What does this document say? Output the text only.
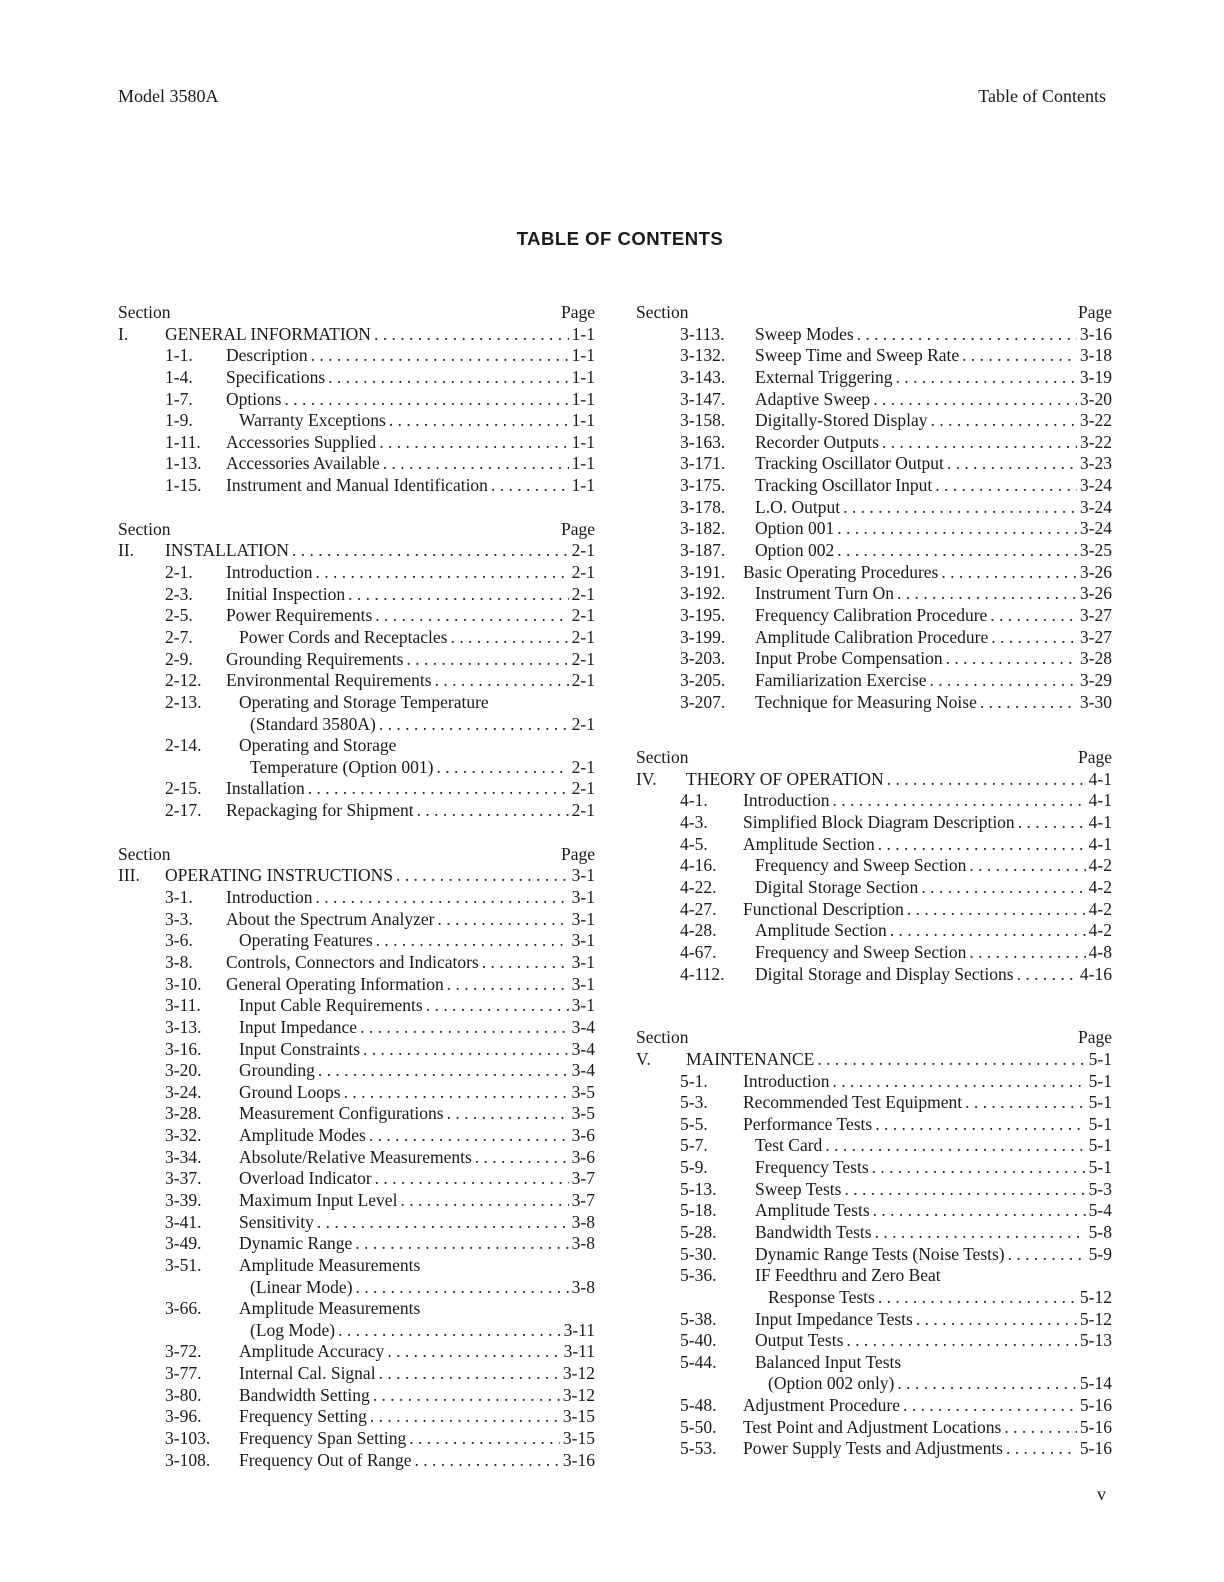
Model 3580A	Table of Contents
TABLE OF CONTENTS
Section	Page
I. GENERAL INFORMATION . . .	1-1
1-1. Description . . .	1-1
1-4. Specifications . . .	1-1
1-7. Options . . .	1-1
1-9.	Warranty Exceptions . . .	1-1
1-11. Accessories Supplied . . .	1-1
1-13. Accessories Available . . .	1-1
1-15. Instrument and Manual Identification . . .	1-1
Section	Page
II. INSTALLATION . . .	2-1
2-1. Introduction . . .	2-1
2-3. Initial Inspection . . .	2-1
2-5. Power Requirements . . .	2-1
2-7.	Power Cords and Receptacles . . .	2-1
2-9. Grounding Requirements . . .	2-1
2-12. Environmental Requirements . . .	2-1
2-13. Operating and Storage Temperature
(Standard 3580A) . . .	2-1
2-14. Operating and Storage
Temperature (Option 001) . . .	2-1
2-15. Installation . . .	2-1
2-17. Repackaging for Shipment . . .	2-1
Section	Page
III. OPERATING INSTRUCTIONS . . .	3-1
3-1. Introduction . . .	3-1
3-3. About the Spectrum Analyzer . . .	3-1
3-6.	Operating Features . . .	3-1
3-8. Controls, Connectors and Indicators . . .	3-1
3-10. General Operating Information . . .	3-1
3-11. Input Cable Requirements . . .	3-1
3-13. Input Impedance . . .	3-4
3-16. Input Constraints . . .	3-4
3-20. Grounding . . .	3-4
3-24. Ground Loops . . .	3-5
3-28. Measurement Configurations . . .	3-5
3-32. Amplitude Modes . . .	3-6
3-34. Absolute/Relative Measurements . . .	3-6
3-37. Overload Indicator . . .	3-7
3-39. Maximum Input Level . . .	3-7
3-41. Sensitivity . . .	3-8
3-49. Dynamic Range . . .	3-8
3-51. Amplitude Measurements
(Linear Mode) . . .	3-8
3-66. Amplitude Measurements
(Log Mode) . . .	3-11
3-72. Amplitude Accuracy . . .	3-11
3-77. Internal Cal. Signal . . .	3-12
3-80. Bandwidth Setting . . .	3-12
3-96. Frequency Setting . . .	3-15
3-103. Frequency Span Setting . . .	3-15
3-108. Frequency Out of Range . . .	3-16
Section	Page
3-113. Sweep Modes . . .	3-16
3-132. Sweep Time and Sweep Rate . . .	3-18
3-143. External Triggering . . .	3-19
3-147. Adaptive Sweep . . .	3-20
3-158. Digitally-Stored Display . . .	3-22
3-163. Recorder Outputs . . .	3-22
3-171. Tracking Oscillator Output . . .	3-23
3-175. Tracking Oscillator Input . . .	3-24
3-178. L.O. Output . . .	3-24
3-182. Option 001 . . .	3-24
3-187. Option 002 . . .	3-25
3-191. Basic Operating Procedures . . .	3-26
3-192. Instrument Turn On . . .	3-26
3-195. Frequency Calibration Procedure . . .	3-27
3-199. Amplitude Calibration Procedure . . .	3-27
3-203. Input Probe Compensation . . .	3-28
3-205. Familiarization Exercise . . .	3-29
3-207. Technique for Measuring Noise . . .	3-30
Section	Page
IV. THEORY OF OPERATION . . .	4-1
4-1. Introduction . . .	4-1
4-3. Simplified Block Diagram Description . . .	4-1
4-5. Amplitude Section . . .	4-1
4-16. Frequency and Sweep Section . . .	4-2
4-22. Digital Storage Section . . .	4-2
4-27. Functional Description . . .	4-2
4-28. Amplitude Section . . .	4-2
4-67. Frequency and Sweep Section . . .	4-8
4-112. Digital Storage and Display Sections . . .	4-16
Section	Page
V. MAINTENANCE . . .	5-1
5-1. Introduction . . .	5-1
5-3. Recommended Test Equipment . . .	5-1
5-5. Performance Tests . . .	5-1
5-7.	Test Card . . .	5-1
5-9.	Frequency Tests . . .	5-1
5-13. Sweep Tests . . .	5-3
5-18. Amplitude Tests . . .	5-4
5-28. Bandwidth Tests . . .	5-8
5-30. Dynamic Range Tests (Noise Tests) . . .	5-9
5-36. IF Feedthru and Zero Beat
Response Tests . . .	5-12
5-38. Input Impedance Tests . . .	5-12
5-40. Output Tests . . .	5-13
5-44. Balanced Input Tests
(Option 002 only) . . .	5-14
5-48. Adjustment Procedure . . .	5-16
5-50. Test Point and Adjustment Locations . . .	5-16
5-53. Power Supply Tests and Adjustments . . .	5-16
v
